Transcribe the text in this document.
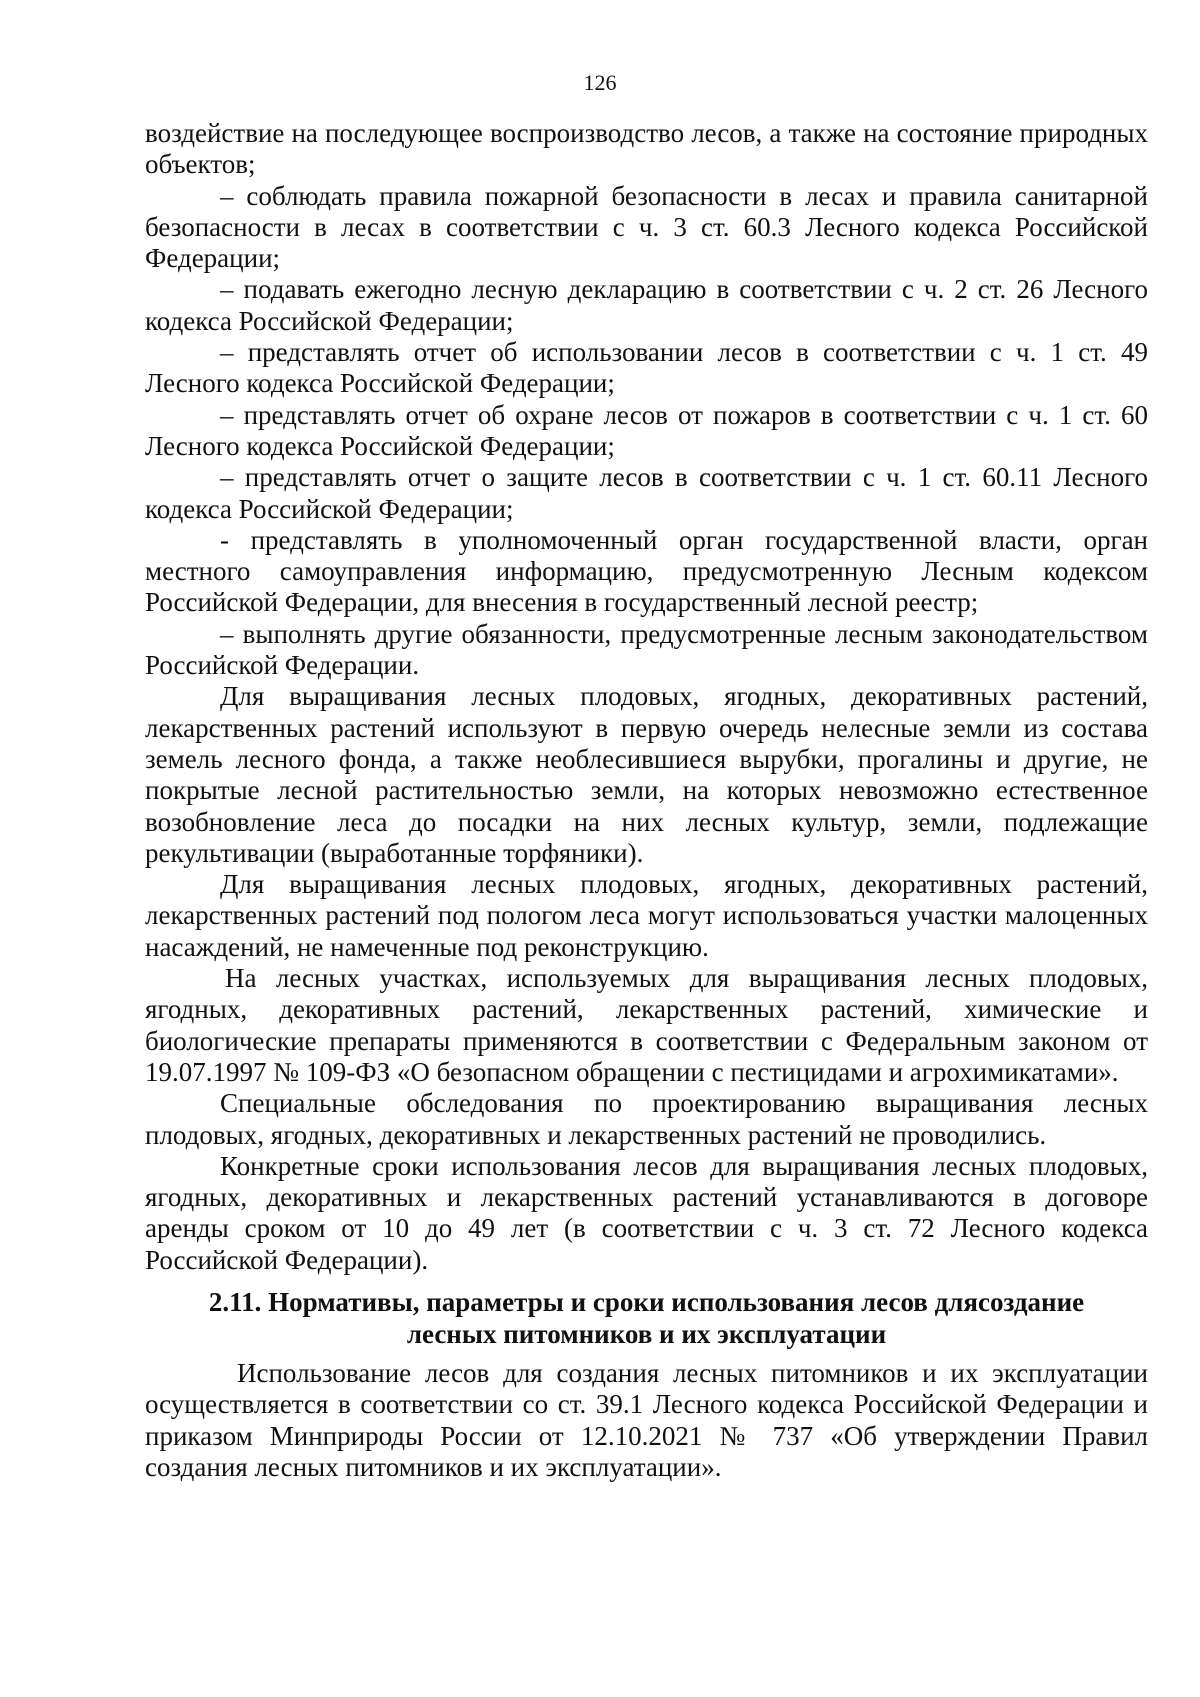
126

воздействие на последующее воспроизводство лесов, а также на состояние природных объектов;

– соблюдать правила пожарной безопасности в лесах и правила санитарной безопасности в лесах в соответствии с ч. 3 ст. 60.3 Лесного кодекса Российской Федерации;

– подавать ежегодно лесную декларацию в соответствии с ч. 2 ст. 26 Лесного кодекса Российской Федерации;

– представлять отчет об использовании лесов в соответствии с ч. 1 ст. 49 Лесного кодекса Российской Федерации;

– представлять отчет об охране лесов от пожаров в соответствии с ч. 1 ст. 60 Лесного кодекса Российской Федерации;

– представлять отчет о защите лесов в соответствии с ч. 1 ст. 60.11 Лесного кодекса Российской Федерации;

- представлять в уполномоченный орган государственной власти, орган местного самоуправления информацию, предусмотренную Лесным кодексом Российской Федерации, для внесения в государственный лесной реестр;

– выполнять другие обязанности, предусмотренные лесным законодательством Российской Федерации.

Для выращивания лесных плодовых, ягодных, декоративных растений, лекарственных растений используют в первую очередь нелесные земли из состава земель лесного фонда, а также необлесившиеся вырубки, прогалины и другие, не покрытые лесной растительностью земли, на которых невозможно естественное возобновление леса до посадки на них лесных культур, земли, подлежащие рекультивации (выработанные торфяники).

Для выращивания лесных плодовых, ягодных, декоративных растений, лекарственных растений под пологом леса могут использоваться участки малоценных насаждений, не намеченные под реконструкцию.

На лесных участках, используемых для выращивания лесных плодовых, ягодных, декоративных растений, лекарственных растений, химические и биологические препараты применяются в соответствии с Федеральным законом от 19.07.1997 № 109-ФЗ «О безопасном обращении с пестицидами и агрохимикатами».

Специальные обследования по проектированию выращивания лесных плодовых, ягодных, декоративных и лекарственных растений не проводились.

Конкретные сроки использования лесов для выращивания лесных плодовых, ягодных, декоративных и лекарственных растений устанавливаются в договоре аренды сроком от 10 до 49 лет (в соответствии с ч. 3 ст. 72 Лесного кодекса Российской Федерации).

2.11. Нормативы, параметры и сроки использования лесов длясоздание
лесных питомников и их эксплуатации

Использование лесов для создания лесных питомников и их эксплуатации осуществляется в соответствии со ст. 39.1 Лесного кодекса Российской Федерации и приказом Минприроды России от 12.10.2021 № 737 «Об утверждении Правил создания лесных питомников и их эксплуатации».
